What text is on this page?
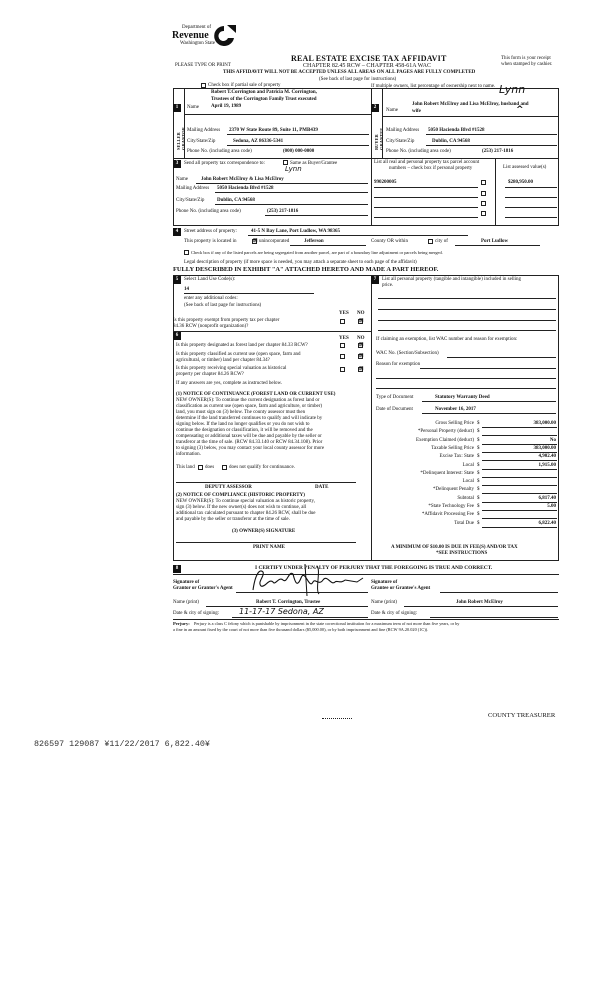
Department of
Revenue
Washington State
REAL ESTATE EXCISE TAX AFFIDAVIT
CHAPTER 82.45 RCW – CHAPTER 458-61A WAC
PLEASE TYPE OR PRINT
This form is your receipt
when stamped by cashier.
THIS AFFIDAVIT WILL NOT BE ACCEPTED UNLESS ALL AREAS ON ALL PAGES ARE FULLY COMPLETED
(See back of last page for instructions)
Check box if partial sale of property	If multiple owners, list percentage of ownership next to name.
1
SELLER GRANTOR
Name
Robert T.Corrington and Patricia M. Corrington,
Trustees of the Corrington Family Trust executed
April 19, 1989
Mailing Address 2370 W State Route 89, Suite 11, PMB439
City/State/Zip	Sedona, AZ 86336-5341
Phone No. (including area code)	(000) 000-0000
2
BUYER GRANTEE
Lynn
Name
John Robert McElroy and Lisa McElroy, husband and
wife	^
Mailing Address 5050 Hacienda Blvd #1528
City/State/Zip	Dublin, CA 94568
Phone No. (including area code)	(253) 217-1816
3	Send all property tax correspondence to:	Same as Buyer/Grantee
Lynn
Name	John Robert McElroy & Lisa McElroy
Mailing Address 5050 Hacienda Blvd #1528
City/State/Zip	Dublin, CA 94568
Phone No. (including area code)	(253) 217-1816
List all real and personal property tax parcel account
numbers – check box if personal property	List assessed value(s)
990200005	$280,950.00
4	Street address of property:	41-5 N Bay Lane, Port Ludlow, WA 98365
This property is located in	☒ unincorporated	Jefferson	County OR within	city of	Port Ludlow
Check box if any of the listed parcels are being segregated from another parcel, are part of a boundary line adjustment or parcels being merged.
Legal description of property (if more space is needed, you may attach a separate sheet to each page of the affidavit)
FULLY DESCRIBED IN EXHIBIT "A" ATTACHED HERETO AND MADE A PART HEREOF.
5	Select Land Use Code(s):
14
enter any additional codes:
(See back of last page for instructions)
YES NO
Is this property exempt from property tax per chapter
84.36 RCW (nonprofit organization)?
☒
7	List all personal property (tangible and intangible) included in selling
price.
If claiming an exemption, list WAC number and reason for exemption:
WAC No. (Section/Subsection)
Reason for exemption
6
YES NO
Is this property designated as forest land per chapter 84.33 RCW?	☒
Is this property classified as current use (open space, farm and
agricultural, or timber) land per chapter 84.34?
☒
Is this property receiving special valuation as historical
property per chapter 84.26 RCW?
☒
If any answers are yes, complete as instructed below.
(1) NOTICE OF CONTINUANCE (FOREST LAND OR CURRENT USE)
NEW OWNER(S): To continue the current designation as forest land or
classification as current use (open space, farm and agriculture, or timber)
land, you must sign on (3) below. The county assessor must then
determine if the land transferred continues to qualify and will indicate by
signing below. If the land no longer qualifies or you do not wish to
continue the designation or classification, it will be removed and the
compensating or additional taxes will be due and payable by the seller or
transferor at the time of sale. (RCW 84.33.140 or RCW 84.34.108). Prior
to signing (3) below, you may contact your local county assessor for more
information.
This land does	does not qualify for continuance.
DEPUTY ASSESSOR	DATE
(2) NOTICE OF COMPLIANCE (HISTORIC PROPERTY)
NEW OWNER(S): To continue special valuation as historic property,
sign (3) below. If the new owner(s) does not wish to continue, all
additional tax calculated pursuant to chapter 84.26 RCW, shall be due
and payable by the seller or transferor at the time of sale.
(3) OWNER(S) SIGNATURE
PRINT NAME
Type of Document	Statutory Warranty Deed
Date of Document	November 16, 2017
Gross Selling Price $	383,000.00
*Personal Property (deduct) $
Exemption Claimed (deduct) $	No
Taxable Selling Price $	383,000.00
Excise Tax: State $	4,902.40
Local $	1,915.00
*Delinquent Interest: State $
Local $
*Delinquent Penalty $
Subtotal $	6,817.40
*State Technology Fee $	5.00
*Affidavit Processing Fee $
Total Due $	6,822.40
A MINIMUM OF $10.00 IS DUE IN FEE(S) AND/OR TAX
*SEE INSTRUCTIONS
8	I CERTIFY UNDER PENALTY OF PERJURY THAT THE FOREGOING IS TRUE AND CORRECT.
Signature of
Grantor or Grantor's Agent
Signature of
Grantee or Grantee's Agent
Name (print)	Robert T. Corrington, Trustee	Name (print)	John Robert McElroy
Date & city of signing: 11-17-17 Sedona, AZ	Date & city of signing:
Perjury: Perjury is a class C felony which is punishable by imprisonment in the state correctional institution for a maximum term of not more than five years, or by
a fine in an amount fixed by the court of not more than five thousand dollars ($5,000.00), or by both imprisonment and fine (RCW 9A.20.020 (1C)).
COUNTY TREASURER
826597 129087 ¥11/22/2017 6,822.40¥
